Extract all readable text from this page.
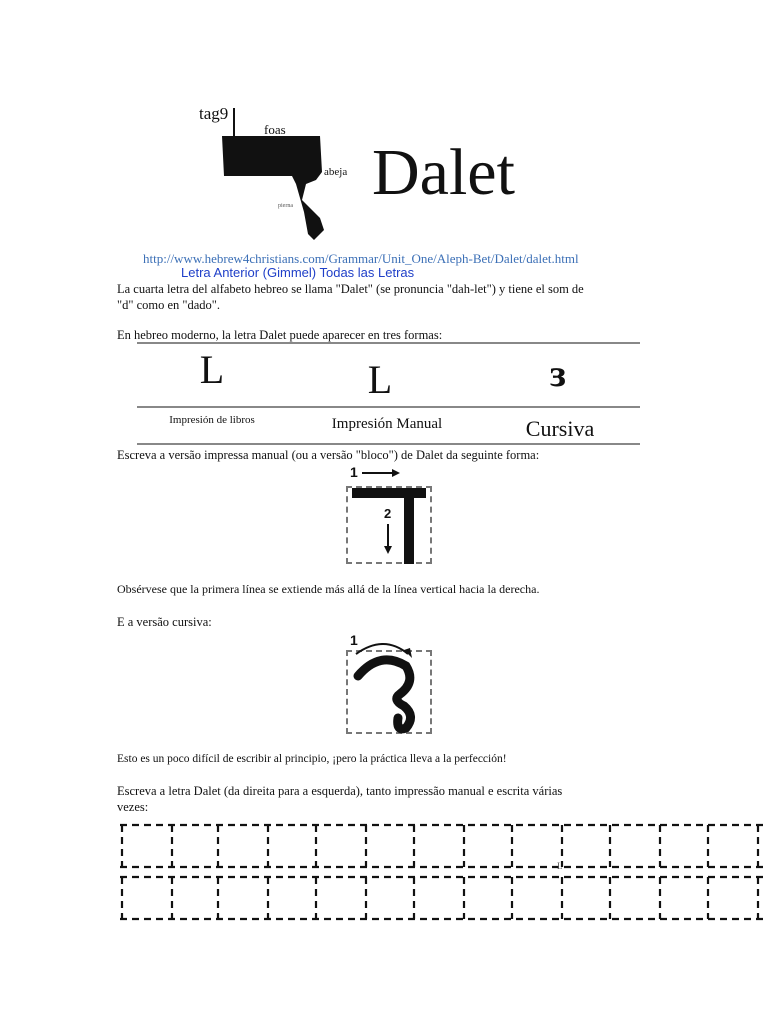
tag9
foas
abeja
pierna Dalet
http://www.hebrew4christians.com/Grammar/Unit_One/Aleph-Bet/Dalet/dalet.html
Letra Anterior (Gimmel) Todas las Letras

La cuarta letra del alfabeto hebreo se llama "Dalet" (se pronuncia "dah-let") y tiene el som de "d" como en "dado".

En hebreo moderno, la letra Dalet puede aparecer en tres formas:

L	L	ɜ
Impresión de libros	Impresión Manual	Cursiva

Escreva a versão impressa manual (ou a versão "bloco") de Dalet da seguinte forma:

1
2

Obsérvese que la primera línea se extiende más allá de la línea vertical hacia la derecha.

E a versão cursiva:

1

Esto es un poco difícil de escribir al principio, ¡pero la práctica lleva a la perfección!

Escreva a letra Dalet (da direita para a esquerda), tanto impressão manual e escrita várias vezes:

L
